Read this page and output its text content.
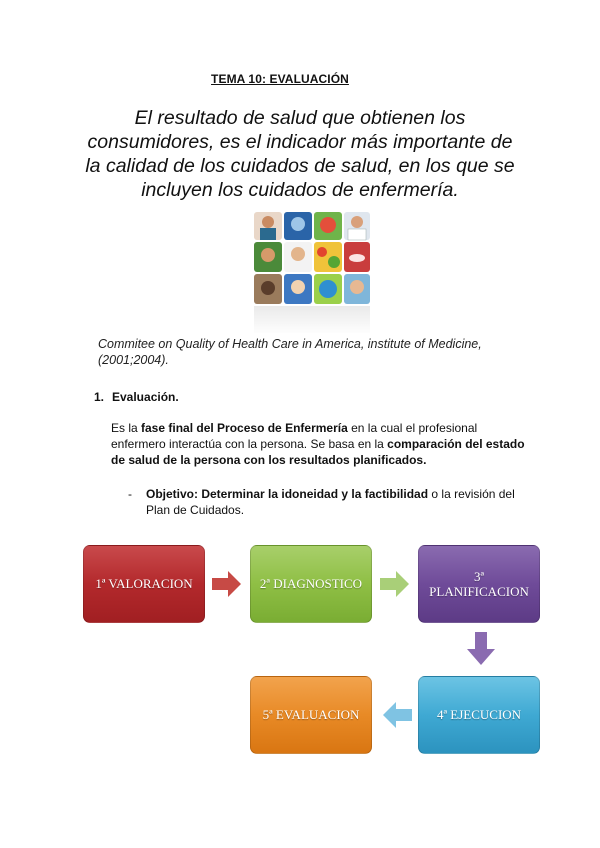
TEMA 10: EVALUACIÓN
El resultado de salud que obtienen los consumidores, es el indicador más importante de la calidad de los cuidados de salud, en los que se incluyen los cuidados de enfermería.
Commitee on Quality of Health Care in America, institute of Medicine, (2001;2004).
1. Evaluación.
Es la fase final del Proceso de Enfermería en la cual el profesional enfermero interactúa con la persona. Se basa en la comparación del estado de salud de la persona con los resultados planificados.
- Objetivo: Determinar la idoneidad y la factibilidad o la revisión del Plan de Cuidados.
1ª VALORACION	2ª DIAGNOSTICO	3ª PLANIFICACION
4ª EJECUCION
5ª EVALUACION
